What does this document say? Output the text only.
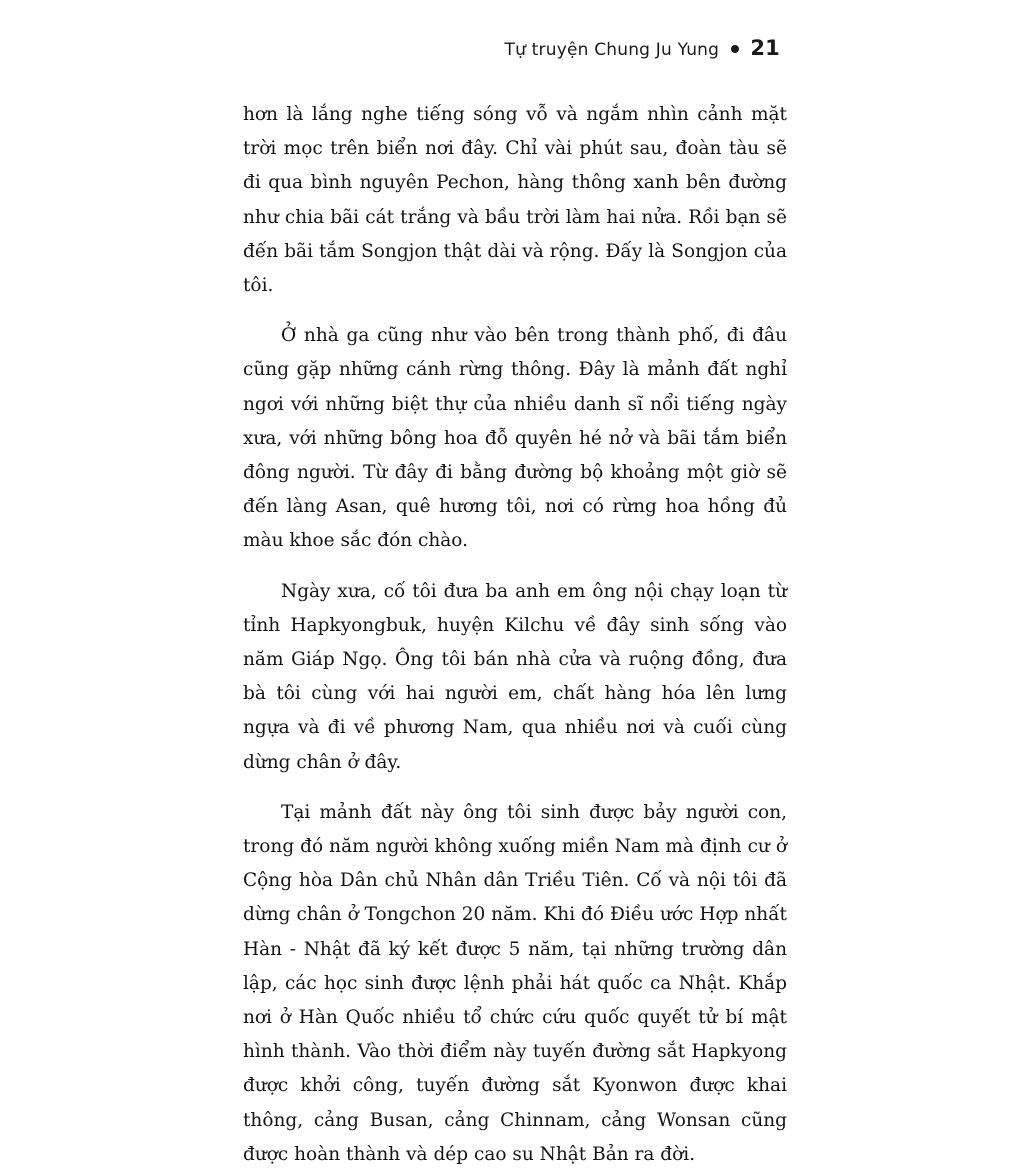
Tự truyện Chung Ju Yung 21

hơn là lắng nghe tiếng sóng vỗ và ngắm nhìn cảnh mặt trời mọc trên biển nơi đây. Chỉ vài phút sau, đoàn tàu sẽ đi qua bình nguyên Pechon, hàng thông xanh bên đường như chia bãi cát trắng và bầu trời làm hai nửa. Rồi bạn sẽ đến bãi tắm Songjon thật dài và rộng. Đấy là Songjon của tôi.

Ở nhà ga cũng như vào bên trong thành phố, đi đâu cũng gặp những cánh rừng thông. Đây là mảnh đất nghỉ ngơi với những biệt thự của nhiều danh sĩ nổi tiếng ngày xưa, với những bông hoa đỗ quyên hé nở và bãi tắm biển đông người. Từ đây đi bằng đường bộ khoảng một giờ sẽ đến làng Asan, quê hương tôi, nơi có rừng hoa hồng đủ màu khoe sắc đón chào.

Ngày xưa, cố tôi đưa ba anh em ông nội chạy loạn từ tỉnh Hapkyongbuk, huyện Kilchu về đây sinh sống vào năm Giáp Ngọ. Ông tôi bán nhà cửa và ruộng đồng, đưa bà tôi cùng với hai người em, chất hàng hóa lên lưng ngựa và đi về phương Nam, qua nhiều nơi và cuối cùng dừng chân ở đây.

Tại mảnh đất này ông tôi sinh được bảy người con, trong đó năm người không xuống miền Nam mà định cư ở Cộng hòa Dân chủ Nhân dân Triều Tiên. Cố và nội tôi đã dừng chân ở Tongchon 20 năm. Khi đó Điều ước Hợp nhất Hàn - Nhật đã ký kết được 5 năm, tại những trường dân lập, các học sinh được lệnh phải hát quốc ca Nhật. Khắp nơi ở Hàn Quốc nhiều tổ chức cứu quốc quyết tử bí mật hình thành. Vào thời điểm này tuyến đường sắt Hapkyong được khởi công, tuyến đường sắt Kyonwon được khai thông, cảng Busan, cảng Chinnam, cảng Wonsan cũng được hoàn thành và dép cao su Nhật Bản ra đời.
